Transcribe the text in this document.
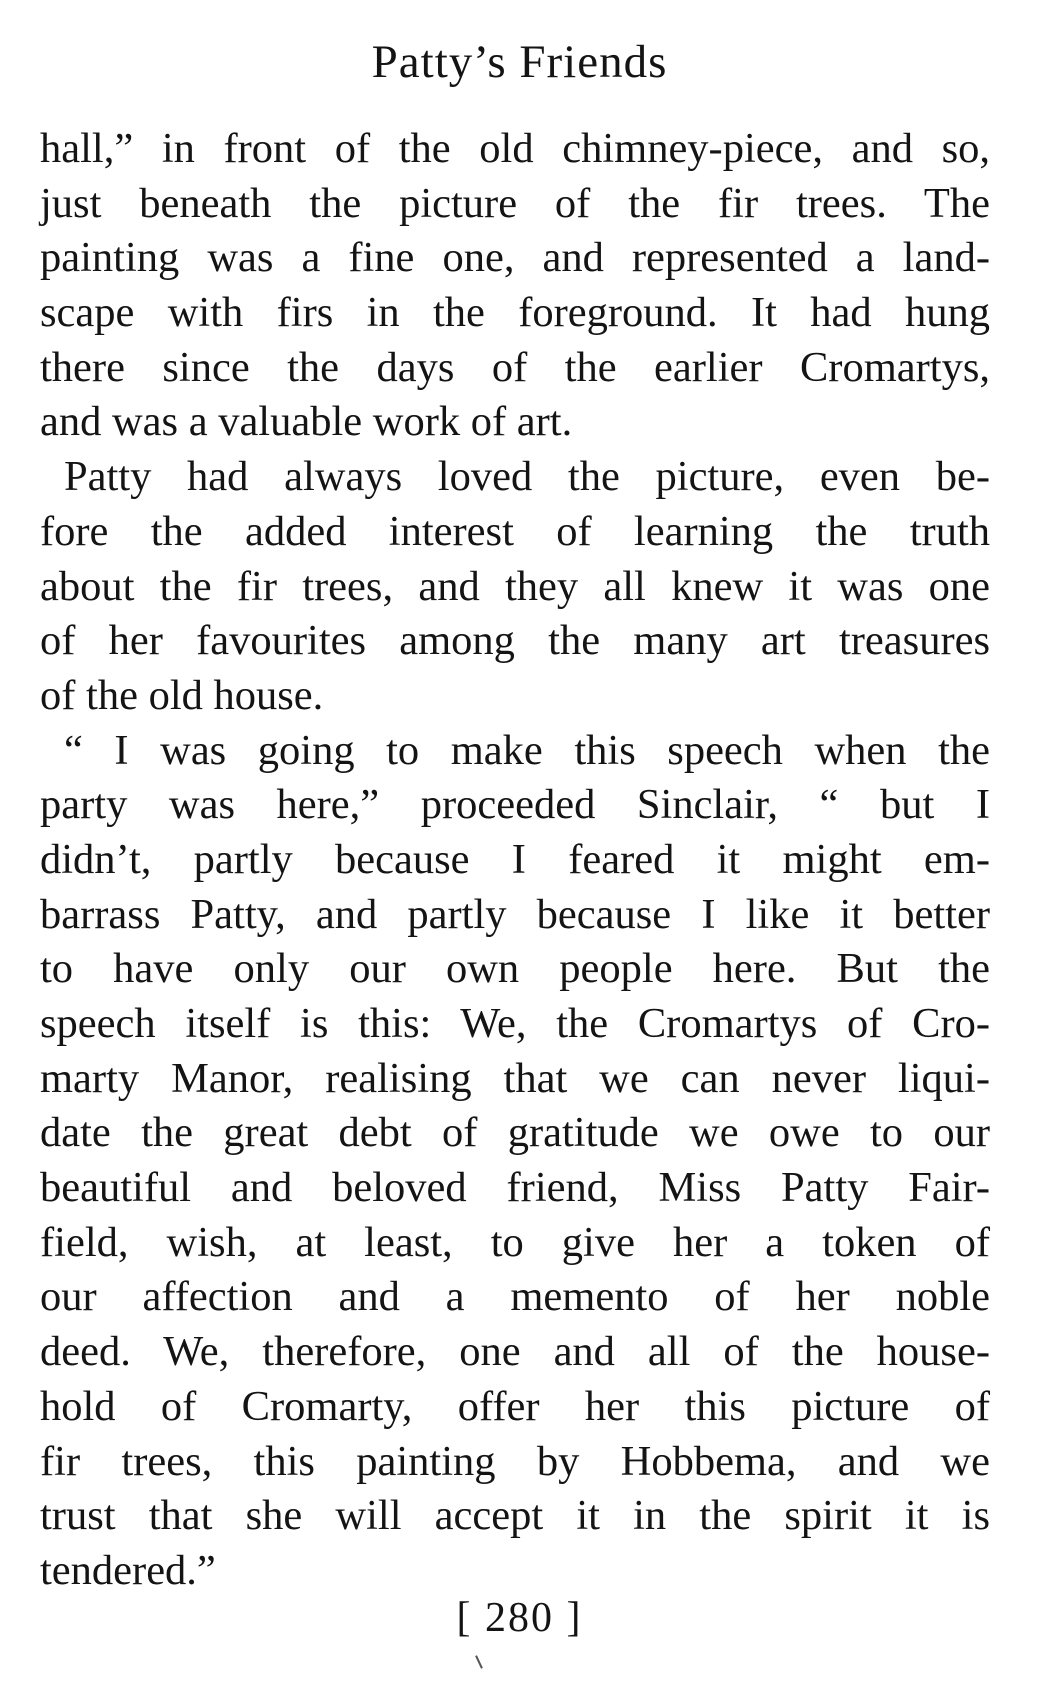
Patty’s Friends
hall,” in front of the old chimney-piece, and so,
just beneath the picture of the fir trees. The
painting was a fine one, and represented a land-
scape with firs in the foreground. It had hung
there since the days of the earlier Cromartys,
and was a valuable work of art.
Patty had always loved the picture, even be-
fore the added interest of learning the truth
about the fir trees, and they all knew it was one
of her favourites among the many art treasures
of the old house.
“ I was going to make this speech when the
party was here,” proceeded Sinclair, “ but I
didn’t, partly because I feared it might em-
barrass Patty, and partly because I like it better
to have only our own people here. But the
speech itself is this: We, the Cromartys of Cro-
marty Manor, realising that we can never liqui-
date the great debt of gratitude we owe to our
beautiful and beloved friend, Miss Patty Fair-
field, wish, at least, to give her a token of
our affection and a memento of her noble
deed. We, therefore, one and all of the house-
hold of Cromarty, offer her this picture of
fir trees, this painting by Hobbema, and we
trust that she will accept it in the spirit it is
tendered.”
[ 280 ]
